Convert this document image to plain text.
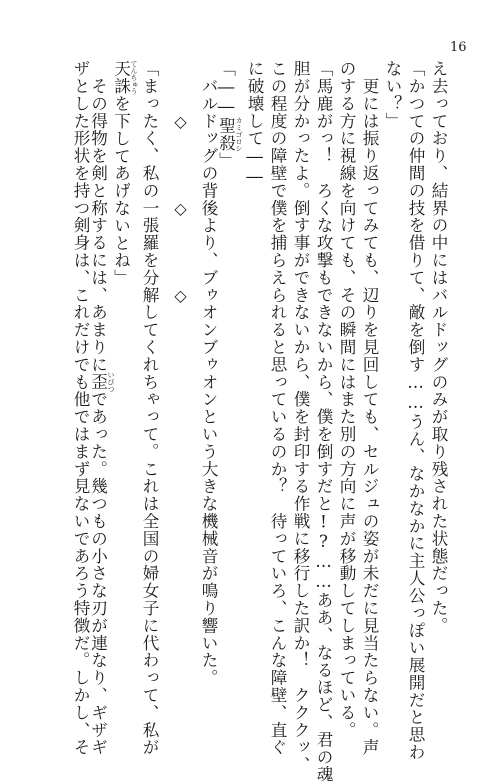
16
え去っており、結界の中にはバルドッグのみが取り残された状態だった。
「かつての仲間の技を借りて、敵を倒す……うん、なかなかに主人公っぽい展開だと思わ
ない？」
　更には振り返ってみても、辺りを見回しても、セルジュの姿が未だに見当たらない。声
のする方に視線を向けても、その瞬間にはまた別の方向に声が移動してしまっている。
「馬鹿がっ！　ろくな攻撃もできないから、僕を倒すだと!?……ああ、なるほど、君の魂
胆が分かったよ。倒す事ができないから、僕を封印する作戦に移行した訳か！　クククッ、
この程度の障壁で僕を捕らえられると思っているのか？　待っていろ、こんな障壁、直ぐ
に破壊して――
「――聖殺 カミゴロシ」
　バルドッグの背後より、ブゥオンブゥオンという大きな機械音が鳴り響いた。
◇　◇　◇
「まったく、私の一張羅を分解してくれちゃって。これは全国の婦女子に代わって、私が
天誅 てんちゅうを下してあげないとね」
　その得物を剣と称するには、あまりに歪 いびつであった。幾つもの小さな刃が連なり、ギザギ
ザとした形状を持つ剣身は、これだけでも他ではまず見ないであろう特徴だ。しかし、そ
